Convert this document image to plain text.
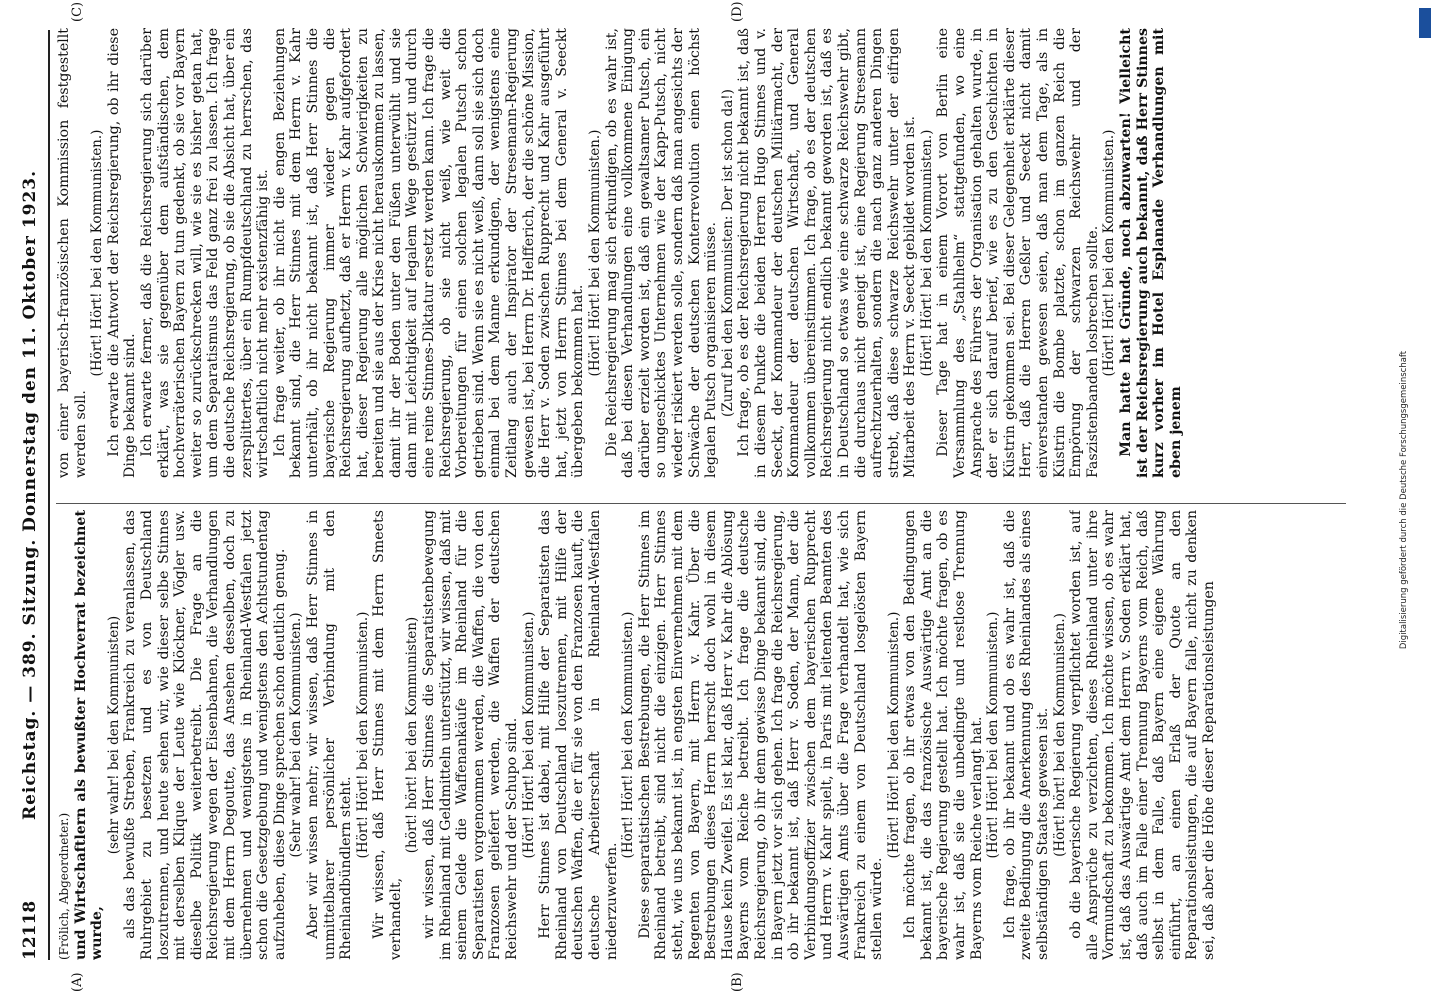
12118
Reichstag. — 389. Sitzung. Donnerstag den 11. Oktober 1923.
(A)	(B)
(C)	(D)

(Frölich, Abgeordneter.) und Wirtschaftlern als bewußter Hochverrat bezeichnet wurde,

(sehr wahr! bei den Kommunisten) als das bewußte Streben, Frankreich zu veranlassen, das Ruhrgebiet zu besetzen und es von Deutschland loszutrennen, und heute sehen wir, wie dieser selbe Stinnes mit derselben Klique der Leute wie Klöckner, Vögler usw. dieselbe Politik weiterbetreibt. Die Frage an die Reichsregierung wegen der Eisenbahnen, die Verhandlungen mit dem Herrn Degoutte, das Ansehen desselben, doch zu übernehmen und wenigstens in Rheinland-Westfalen jetzt schon die Gesetzgebung und wenigstens den Achtstundentag aufzuheben, diese Dinge sprechen schon deutlich genug. (Sehr wahr! bei den Kommunisten.) Aber wir wissen mehr; wir wissen, daß Herr Stinnes in unmittelbarer persönlicher Verbindung mit den Rheinlandbündlern steht.

(Hört! Hört! bei den Kommunisten.) Wir wissen, daß Herr Stinnes mit dem Herrn Smeets verhandelt,

(hört! hört! bei den Kommunisten) wir wissen, daß Herr Stinnes die Separatistenbewegung im Rheinland mit Geldmitteln unterstützt, wir wissen, daß mit seinem Gelde die Waffenankäufe im Rheinland für die Separatisten vorgenommen werden, die Waffen, die von den Franzosen geliefert werden, die Waffen der deutschen Reichswehr und der Schupo sind. (Hört! Hört! bei den Kommunisten.) Herr Stinnes ist dabei, mit Hilfe der Separatisten das Rheinland von Deutschland loszutrennen, mit Hilfe der deutschen Waffen, die er für sie von den Franzosen kauft, die deutsche Arbeiterschaft in Rheinland-Westfalen niederzuwerfen.

(Hört! Hört! bei den Kommunisten.) Diese separatistischen Bestrebungen, die Herr Stinnes im Rheinland betreibt, sind nicht die einzigen. Herr Stinnes steht, wie uns bekannt ist, in engsten Einvernehmen mit dem Regenten von Bayern, mit Herrn v. Kahr. Über die Bestrebungen dieses Herrn herrscht doch wohl in diesem Hause kein Zweifel. Es ist klar, daß Herr v. Kahr die Ablösung Bayerns vom Reiche betreibt. Ich frage die deutsche Reichsregierung, ob ihr denn gewisse Dinge bekannt sind, die in Bayern jetzt vor sich gehen. Ich frage die Reichsregierung, ob ihr bekannt ist, daß Herr v. Soden, der Mann, der die Verbindungsoffizier zwischen dem bayerischen Rupprecht und Herrn v. Kahr spielt, in Paris mit leitenden Beamten des Auswärtigen Amts über die Frage verhandelt hat, wie sich Frankreich zu einem von Deutschland losgelösten Bayern stellen würde.

(Hört! Hört! bei den Kommunisten.) Ich möchte fragen, ob ihr etwas von den Bedingungen bekannt ist, die das französische Auswärtige Amt an die bayerische Regierung gestellt hat. Ich möchte fragen, ob es wahr ist, daß sie die unbedingte und restlose Trennung Bayerns vom Reiche verlangt hat. (Hört! Hört! bei den Kommunisten.) Ich frage, ob ihr bekannt und ob es wahr ist, daß die zweite Bedingung die Anerkennung des Rheinlandes als eines selbständigen Staates gewesen ist. (Hört! hört! bei den Kommunisten.) ob die bayerische Regierung verpflichtet worden ist, auf alle Ansprüche zu verzichten, dieses Rheinland unter ihre Vormundschaft zu bekommen. Ich möchte wissen, ob es wahr ist, daß das Auswärtige Amt dem Herrn v. Soden erklärt hat, daß auch im Falle einer Trennung Bayerns vom Reich, daß selbst in dem Falle, daß Bayern eine eigene Währung einführt, an einen Erlaß der Quote an den Reparationsleistungen, die auf Bayern falle, nicht zu denken sei, daß aber die Höhe dieser Reparationsleistungen

von einer bayerisch-französischen Kommission festgestellt werden soll.

(Hört! Hört! bei den Kommunisten.) Ich erwarte die Antwort der Reichsregierung, ob ihr diese Dinge bekannt sind. Ich erwarte ferner, daß die Reichsregierung sich darüber erklärt, was sie gegenüber dem aufständischen, dem hochverräterischen Bayern zu tun gedenkt, ob sie vor Bayern weiter so zurückschrecken will, wie sie es bisher getan hat, um dem Separatismus das Feld ganz frei zu lassen. Ich frage die deutsche Reichsregierung, ob sie die Absicht hat, über ein zersplittertes, über ein Rumpfdeutschland zu herrschen, das wirtschaftlich nicht mehr existenzfähig ist. Ich frage weiter, ob ihr nicht die engen Beziehungen bekannt sind, die Herr Stinnes mit dem Herrn v. Kahr unterhält, ob ihr nicht bekannt ist, daß Herr Stinnes die bayerische Regierung immer wieder gegen die Reichsregierung aufhetzt, daß er Herrn v. Kahr aufgefordert hat, dieser Regierung alle möglichen Schwierigkeiten zu bereiten und sie aus der Krise nicht herauskommen zu lassen, damit ihr der Boden unter den Füßen unterwühlt und sie dann mit Leichtigkeit auf legalem Wege gestürzt und durch eine reine Stinnes-Diktatur ersetzt werden kann. Ich frage die Reichsregierung, ob sie nicht weiß, wie weit die Vorbereitungen für einen solchen legalen Putsch schon getrieben sind. Wenn sie es nicht weiß, dann soll sie sich doch einmal bei dem Manne erkundigen, der wenigstens eine Zeitlang auch der Inspirator der Stresemann-Regierung gewesen ist, bei Herrn Dr. Helfferich, der die schöne Mission, die Herr v. Soden zwischen Rupprecht und Kahr ausgeführt hat, jetzt von Herrn Stinnes bei dem General v. Seeckt übergeben bekommen hat.

(Hört! Hört! bei den Kommunisten.) Die Reichsregierung mag sich erkundigen, ob es wahr ist, daß bei diesen Verhandlungen eine vollkommene Einigung darüber erzielt worden ist, daß ein gewaltsamer Putsch, ein so ungeschicktes Unternehmen wie der Kapp-Putsch, nicht wieder riskiert werden solle, sondern daß man angesichts der Schwäche der deutschen Konterrevolution einen höchst legalen Putsch organisieren müsse. (Zuruf bei den Kommunisten: Der ist schon da!) Ich frage, ob es der Reichsregierung nicht bekannt ist, daß in diesem Punkte die beiden Herren Hugo Stinnes und v. Seeckt, der Kommandeur der deutschen Militärmacht, der Kommandeur der deutschen Wirtschaft, und General vollkommen übereinstimmen. Ich frage, ob es der deutschen Reichsregierung nicht endlich bekannt geworden ist, daß es in Deutschland so etwas wie eine schwarze Reichswehr gibt, die durchaus nicht geneigt ist, eine Regierung Stresemann aufrechtzuerhalten, sondern die nach ganz anderen Dingen strebt, daß diese schwarze Reichswehr unter der eifrigen Mitarbeit des Herrn v. Seeckt gebildet worden ist. (Hört! Hört! bei den Kommunisten.) Dieser Tage hat in einem Vorort von Berlin eine Versammlung des „Stahlhelm“ stattgefunden, wo eine Ansprache des Führers der Organisation gehalten wurde, in der er sich darauf berief, wie es zu den Geschichten in Küstrin gekommen sei. Bei dieser Gelegenheit erklärte dieser Herr, daß die Herren Geßler und Seeckt nicht damit einverstanden gewesen seien, daß man dem Tage, als in Küstrin die Bombe platzte, schon im ganzen Reich die Empörung der schwarzen Reichswehr und der Faszistenbanden losbrechen sollte. (Hört! Hört! bei den Kommunisten.) Man hatte hat Gründe, noch abzuwarten! Vielleicht ist der Reichsregierung auch bekannt, daß Herr Stinnes kurz vorher im Hotel Esplanade Verhandlungen mit eben jenem	Digitalisierung gefördert durch die Deutsche Forschungsgemeinschaft
